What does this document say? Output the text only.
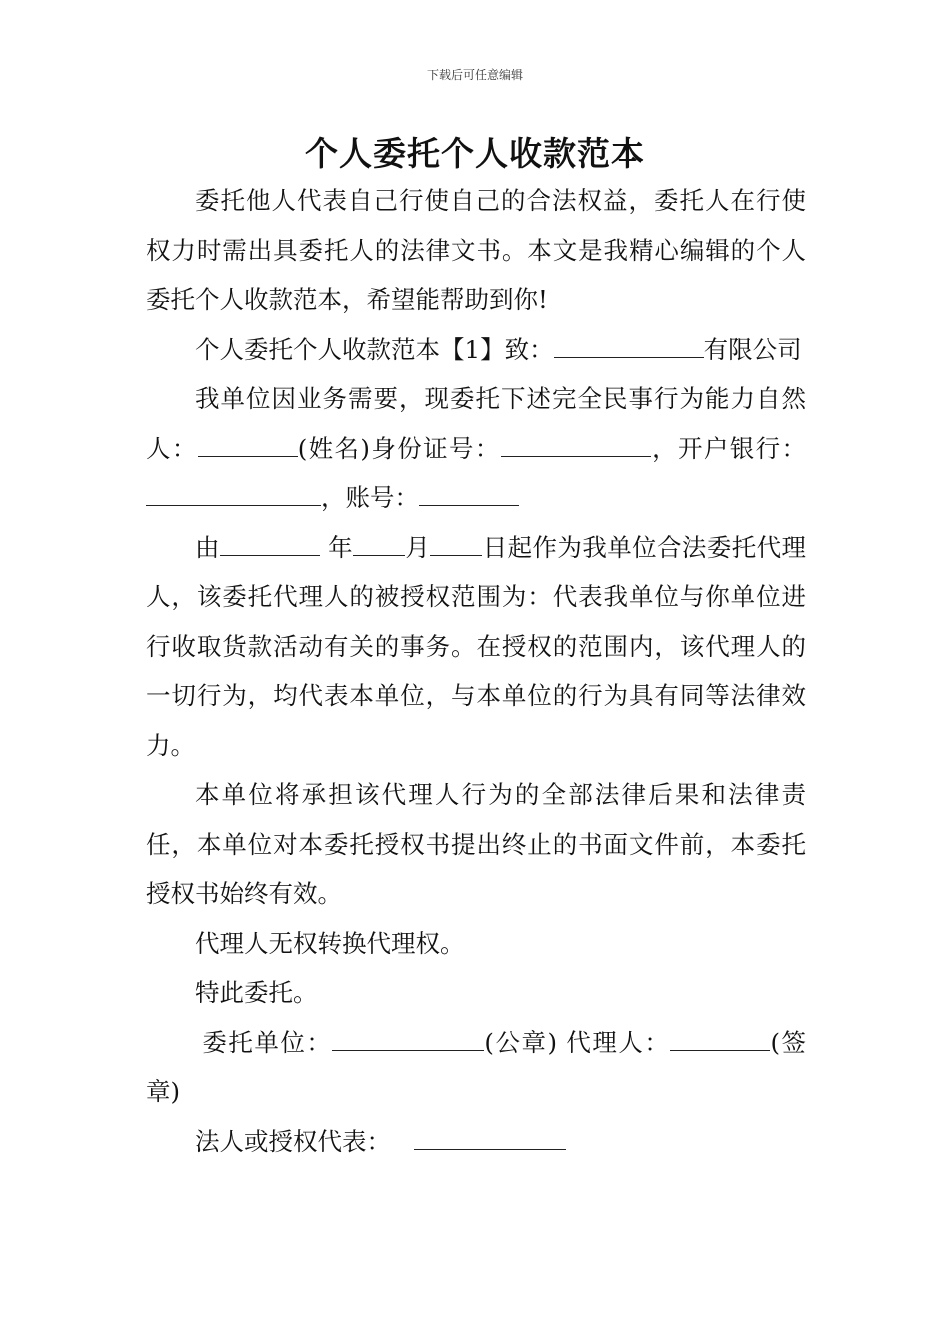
下载后可任意编辑
个人委托个人收款范本

委托他人代表自己行使自己的合法权益，委托人在行使权力时需出具委托人的法律文书。本文是我精心编辑的个人委托个人收款范本，希望能帮助到你!

个人委托个人收款范本【1】致：	有限公司

我单位因业务需要，现委托下述完全民事行为能力自然人：	(姓名)身份证号：	，开户银行：，账号：

由	年 月 日起作为我单位合法委托代理人，该委托代理人的被授权范围为：代表我单位与你单位进行收取货款活动有关的事务。在授权的范围内，该代理人的一切行为，均代表本单位，与本单位的行为具有同等法律效力。

本单位将承担该代理人行为的全部法律后果和法律责任，本单位对本委托授权书提出终止的书面文件前，本委托授权书始终有效。

代理人无权转换代理权。

特此委托。

委托单位：	(公章) 代理人：	(签章)

法人或授权代表：
